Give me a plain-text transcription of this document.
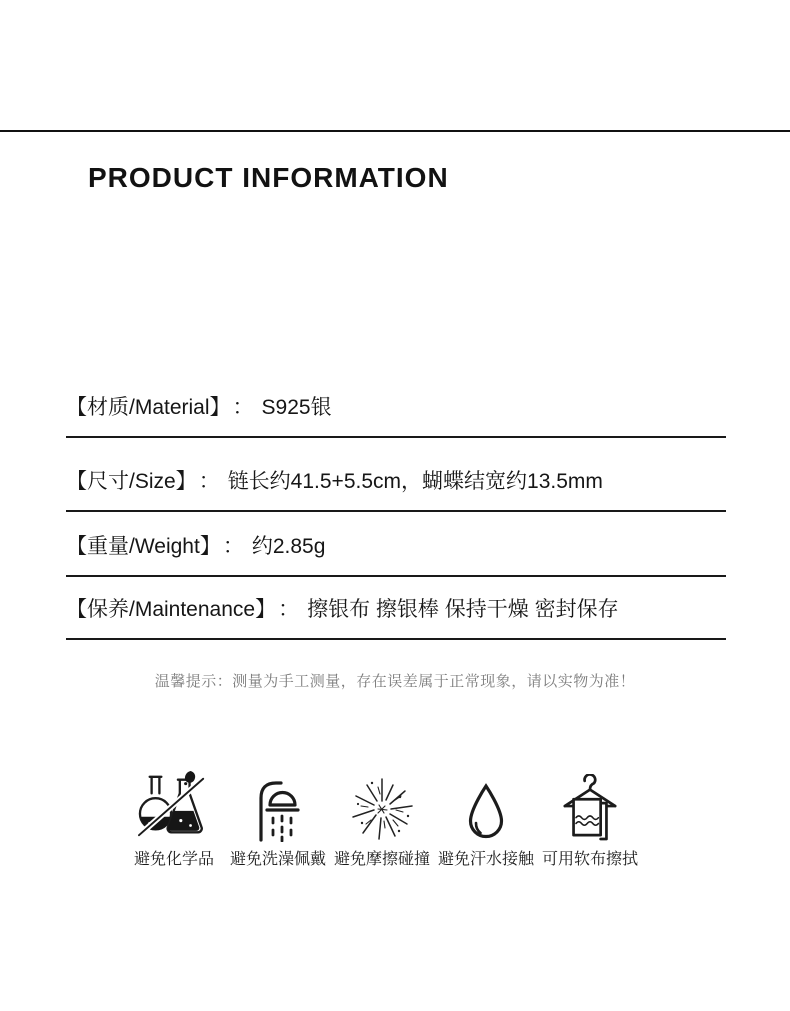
PRODUCT INFORMATION
【材质/Material】 ： S925银
【尺寸/Size】 ： 链长约41.5+5.5cm，蝴蝶结宽约13.5mm
【重量/Weight】 ： 约2.85g
【保养/Maintenance】 ： 擦银布 擦银棒 保持干燥 密封保存

温馨提示：测量为手工测量，存在误差属于正常现象，请以实物为准！

避免化学品 避免洗澡佩戴 避免摩擦碰撞 避免汗水接触 可用软布擦拭
